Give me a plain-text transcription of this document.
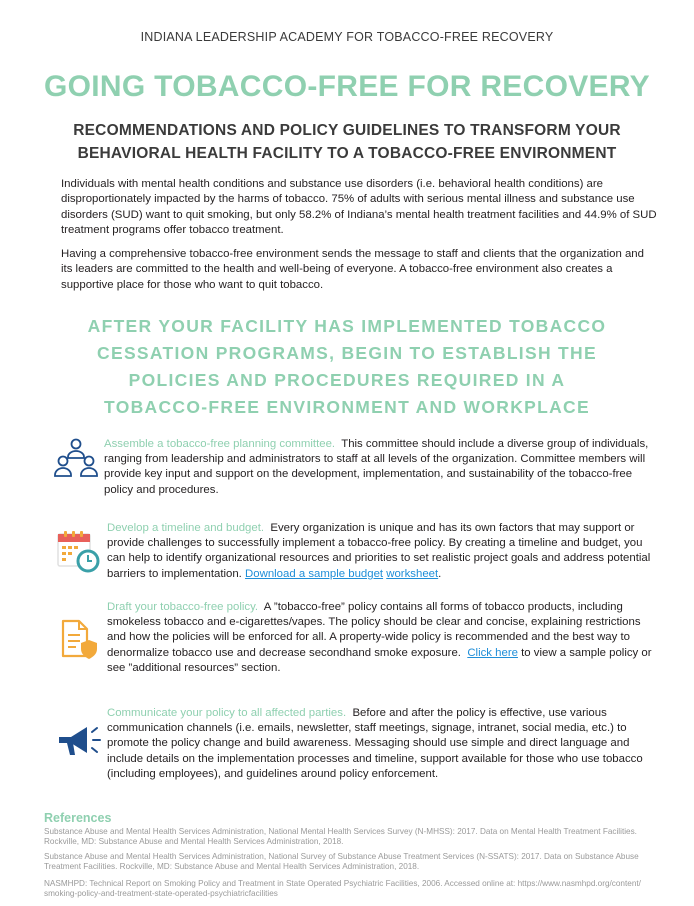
INDIANA LEADERSHIP ACADEMY FOR TOBACCO-FREE RECOVERY
GOING TOBACCO-FREE FOR RECOVERY
RECOMMENDATIONS AND POLICY GUIDELINES TO TRANSFORM YOUR
BEHAVIORAL HEALTH FACILITY TO A TOBACCO-FREE ENVIRONMENT
Individuals with mental health conditions and substance use disorders (i.e. behavioral health conditions) are disproportionately impacted by the harms of tobacco. 75% of adults with serious mental illness and substance use disorders (SUD) want to quit smoking, but only 58.2% of Indiana’s mental health treatment facilities and 44.9% of SUD treatment programs offer tobacco treatment.
Having a comprehensive tobacco-free environment sends the message to staff and clients that the organization and its leaders are committed to the health and well-being of everyone. A tobacco-free environment also creates a supportive place for those who want to quit tobacco.
AFTER YOUR FACILITY HAS IMPLEMENTED TOBACCO
CESSATION PROGRAMS, BEGIN TO ESTABLISH THE
POLICIES AND PROCEDURES REQUIRED IN A
TOBACCO-FREE ENVIRONMENT AND WORKPLACE
Assemble a tobacco-free planning committee. This committee should include a diverse group of individuals, ranging from leadership and administrators to staff at all levels of the organization. Committee members will provide key input and support on the development, implementation, and sustainability of the tobacco-free policy and procedures.
Develop a timeline and budget. Every organization is unique and has its own factors that may support or provide challenges to successfully implement a tobacco-free policy. By creating a timeline and budget, you can help to identify organizational resources and priorities to set realistic project goals and address potential barriers to implementation. Download a sample budget worksheet.
Draft your tobacco-free policy. A ”tobacco-free” policy contains all forms of tobacco products, including smokeless tobacco and e-cigarettes/vapes. The policy should be clear and concise, explaining restrictions and how the policies will be enforced for all. A property-wide policy is recommended and the best way to denormalize tobacco use and decrease secondhand smoke exposure. Click here to view a sample policy or see ”additional resources” section.
Communicate your policy to all affected parties. Before and after the policy is effective, use various communication channels (i.e. emails, newsletter, staff meetings, signage, intranet, social media, etc.) to promote the policy change and build awareness. Messaging should use simple and direct language and include details on the implementation processes and timeline, support available for those who use tobacco (including employees), and guidelines around policy enforcement.
References
Substance Abuse and Mental Health Services Administration, National Mental Health Services Survey (N-MHSS): 2017. Data on Mental Health Treatment Facilities. Rockville, MD: Substance Abuse and Mental Health Services Administration, 2018.
Substance Abuse and Mental Health Services Administration, National Survey of Substance Abuse Treatment Services (N-SSATS): 2017. Data on Substance Abuse Treatment Facilities. Rockville, MD: Substance Abuse and Mental Health Services Administration, 2018.
NASMHPD: Technical Report on Smoking Policy and Treatment in State Operated Psychiatric Facilities, 2006. Accessed online at: https://www.nasmhpd.org/content/ smoking-policy-and-treatment-state-operated-psychiatricfacilities
